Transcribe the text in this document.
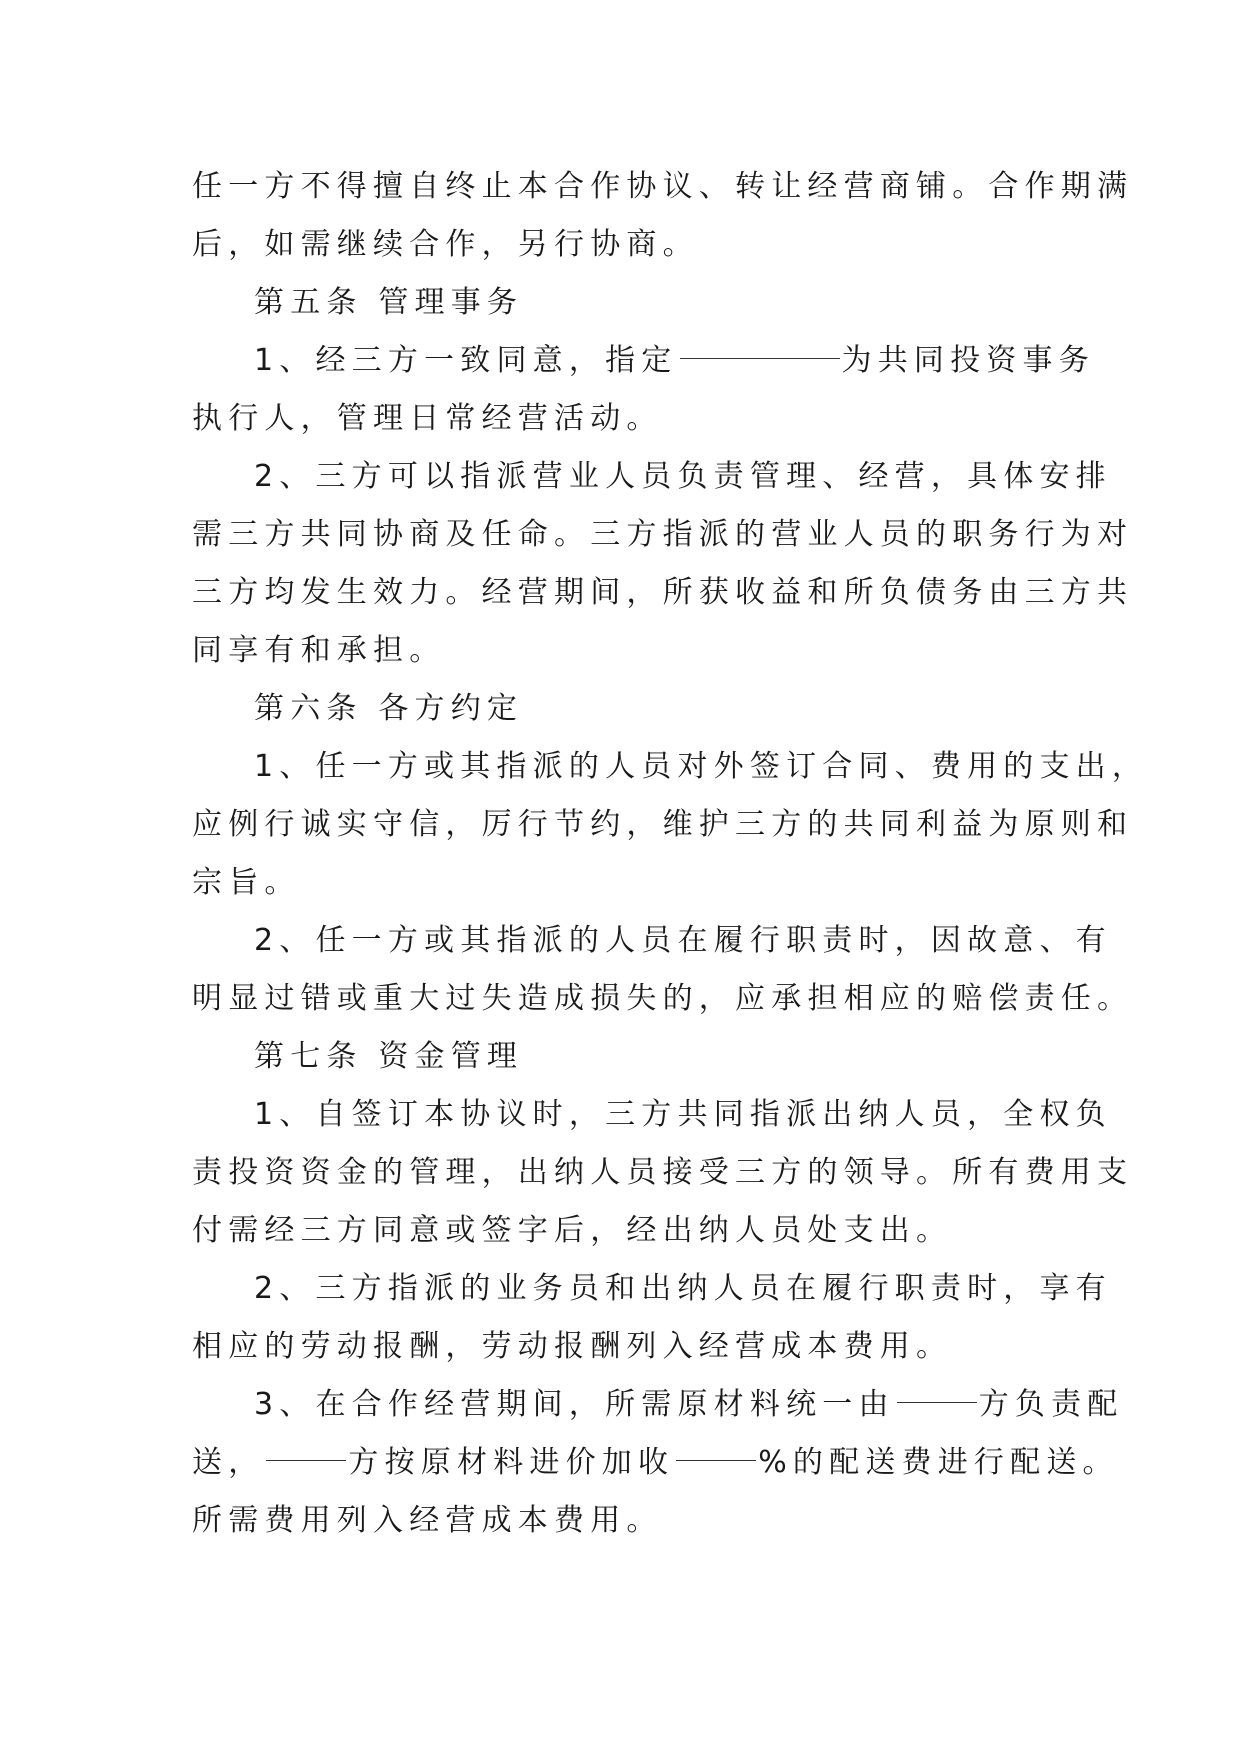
任一方不得擅自终止本合作协议、转让经营商铺。合作期满
后，如需继续合作，另行协商。
第五条 管理事务
1、经三方一致同意，指定	为共同投资事务
执行人，管理日常经营活动。
2、三方可以指派营业人员负责管理、经营，具体安排
需三方共同协商及任命。三方指派的营业人员的职务行为对
三方均发生效力。经营期间，所获收益和所负债务由三方共
同享有和承担。
第六条 各方约定
1、任一方或其指派的人员对外签订合同、费用的支出，
应例行诚实守信，厉行节约，维护三方的共同利益为原则和
宗旨。
2、任一方或其指派的人员在履行职责时，因故意、有
明显过错或重大过失造成损失的，应承担相应的赔偿责任。
第七条 资金管理
1、自签订本协议时，三方共同指派出纳人员，全权负
责投资资金的管理，出纳人员接受三方的领导。所有费用支
付需经三方同意或签字后，经出纳人员处支出。
2、三方指派的业务员和出纳人员在履行职责时，享有
相应的劳动报酬，劳动报酬列入经营成本费用。
3、在合作经营期间，所需原材料统一由	方负责配
送，	方按原材料进价加收	%的配送费进行配送。
所需费用列入经营成本费用。
